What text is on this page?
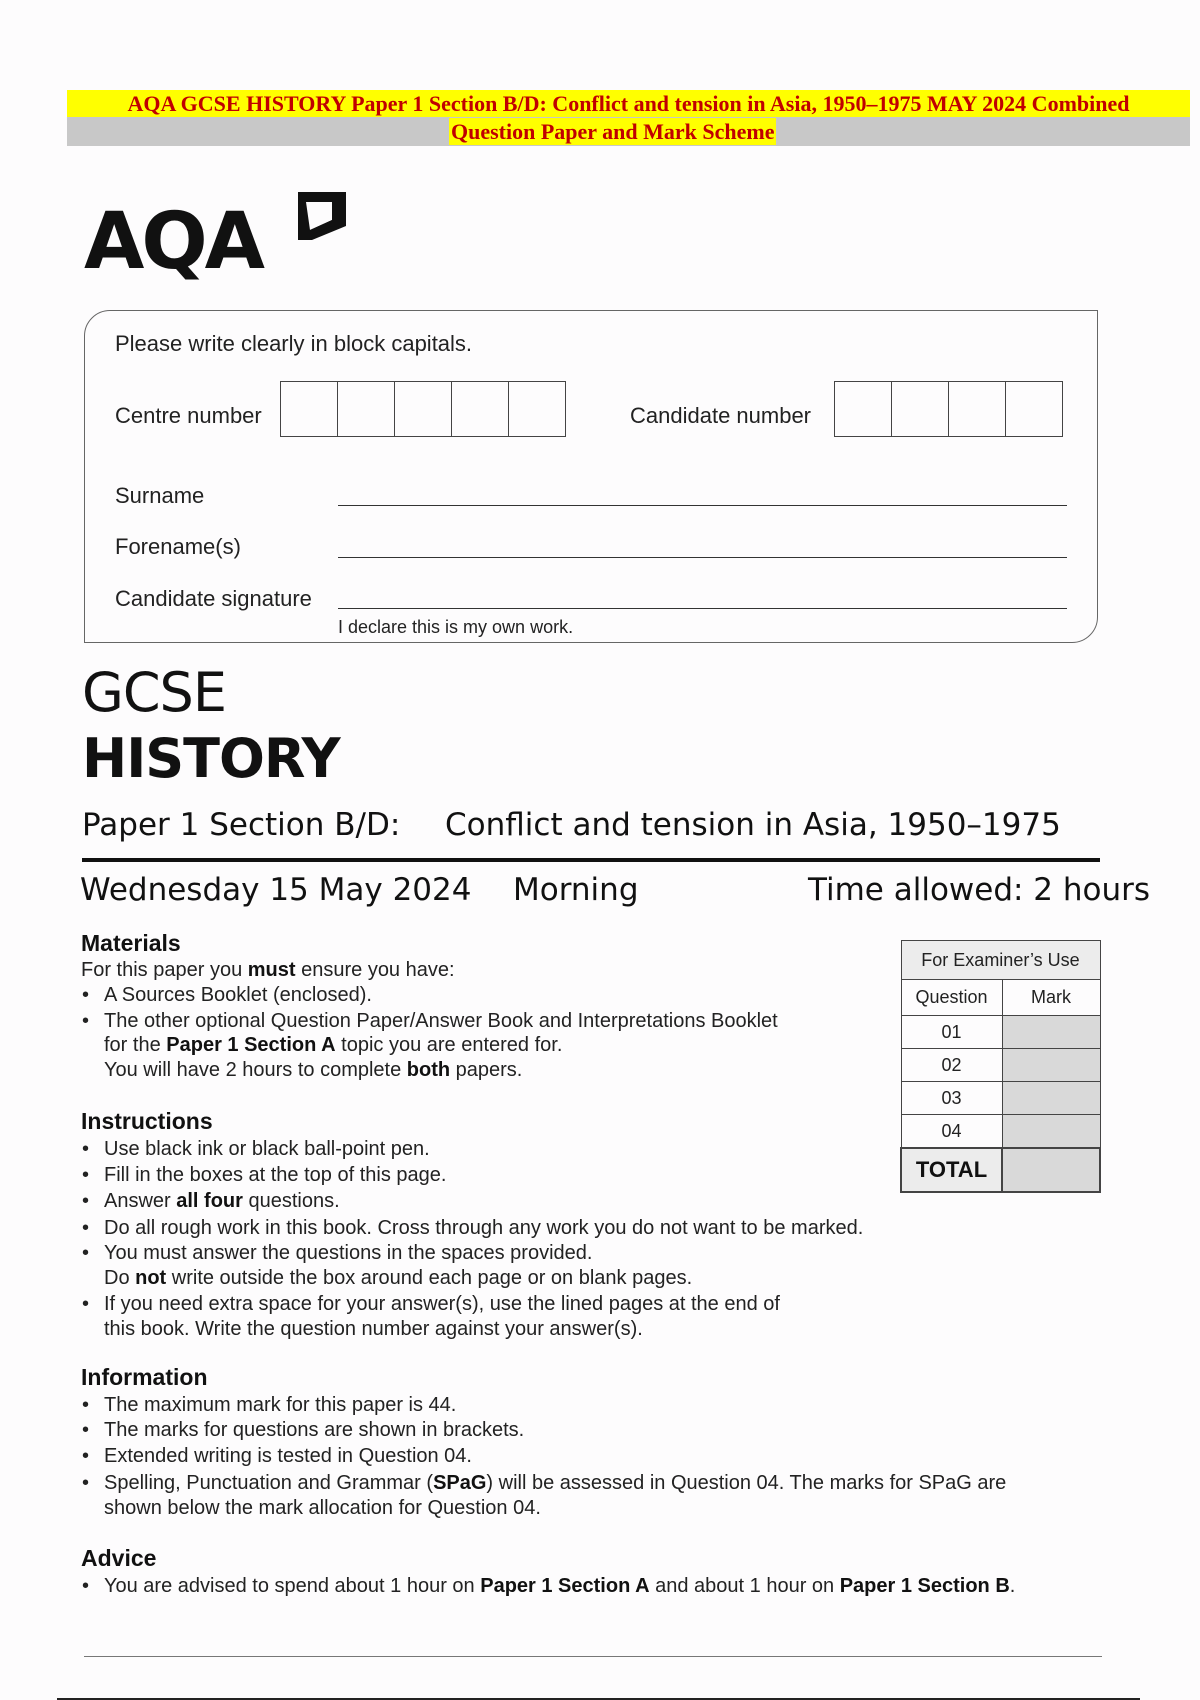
AQA GCSE HISTORY Paper 1 Section B/D: Conflict and tension in Asia, 1950–1975 MAY 2024 Combined
Question Paper and Mark Scheme
AQA
Please write clearly in block capitals.
Centre number	Candidate number
Surname
Forename(s)
Candidate signature
I declare this is my own work.
GCSE
HISTORY
Paper 1 Section B/D: Conflict and tension in Asia, 1950–1975
Wednesday 15 May 2024 Morning	Time allowed: 2 hours
Materials
For this paper you must ensure you have:
• A Sources Booklet (enclosed).
• The other optional Question Paper/Answer Book and Interpretations Booklet
for the Paper 1 Section A topic you are entered for.
You will have 2 hours to complete both papers.
Instructions
• Use black ink or black ball-point pen.
• Fill in the boxes at the top of this page.
• Answer all four questions.
• Do all rough work in this book. Cross through any work you do not want to be marked.
• You must answer the questions in the spaces provided.
Do not write outside the box around each page or on blank pages.
• If you need extra space for your answer(s), use the lined pages at the end of
this book. Write the question number against your answer(s).
Information
• The maximum mark for this paper is 44.
• The marks for questions are shown in brackets.
• Extended writing is tested in Question 04.
• Spelling, Punctuation and Grammar (SPaG) will be assessed in Question 04. The marks for SPaG are
shown below the mark allocation for Question 04.
Advice
• You are advised to spend about 1 hour on Paper 1 Section A and about 1 hour on Paper 1 Section B.
For Examiner’s Use	
Question	Mark
01	
02	
03	
04	
TOTAL	
